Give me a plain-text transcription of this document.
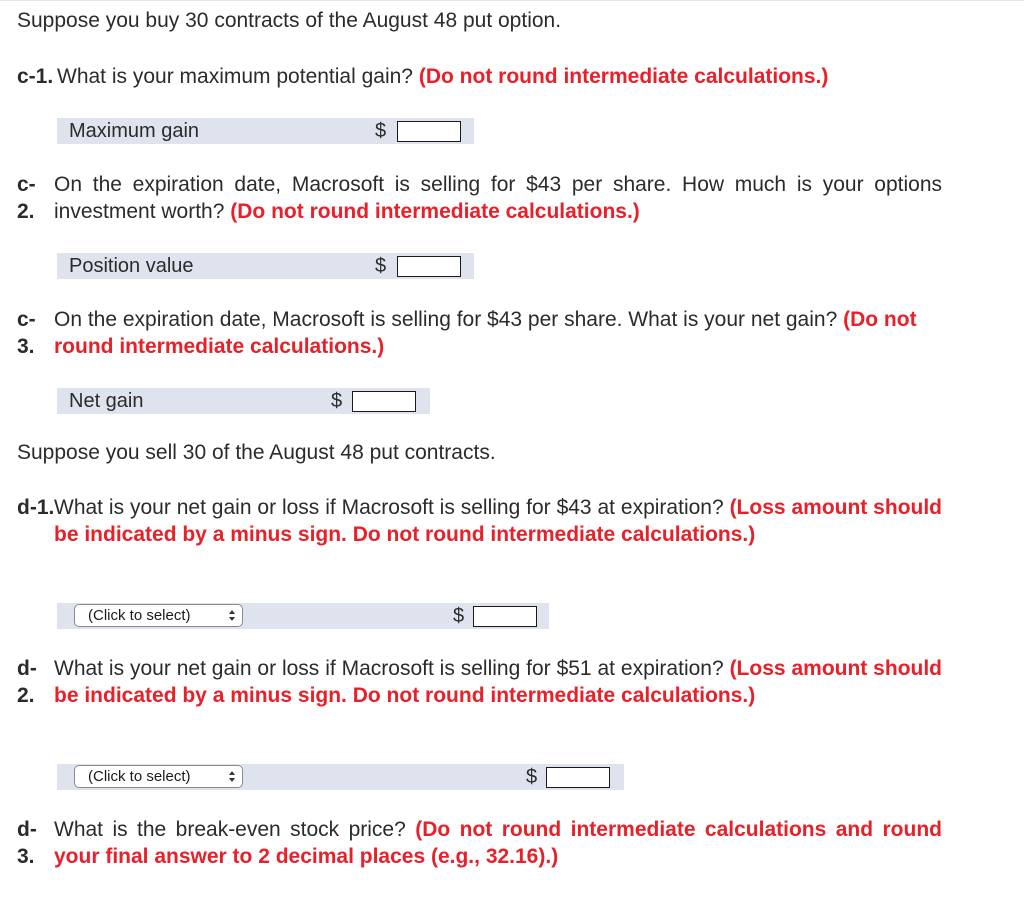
Suppose you buy 30 contracts of the August 48 put option.
c-1. What is your maximum potential gain? (Do not round intermediate calculations.)
Maximum gain	$
c-
2.
On the expiration date, Macrosoft is selling for $43 per share. How much is your options investment worth? (Do not round intermediate calculations.)
Position value	$
c-
3.
On the expiration date, Macrosoft is selling for $43 per share. What is your net gain? (Do not round intermediate calculations.)
Net gain	$
Suppose you sell 30 of the August 48 put contracts.
d-1. What is your net gain or loss if Macrosoft is selling for $43 at expiration? (Loss amount should be indicated by a minus sign. Do not round intermediate calculations.)
(Click to select)	$
d-
2.
What is your net gain or loss if Macrosoft is selling for $51 at expiration? (Loss amount should be indicated by a minus sign. Do not round intermediate calculations.)
(Click to select)	$
d-
3.
What is the break-even stock price? (Do not round intermediate calculations and round your final answer to 2 decimal places (e.g., 32.16).)
